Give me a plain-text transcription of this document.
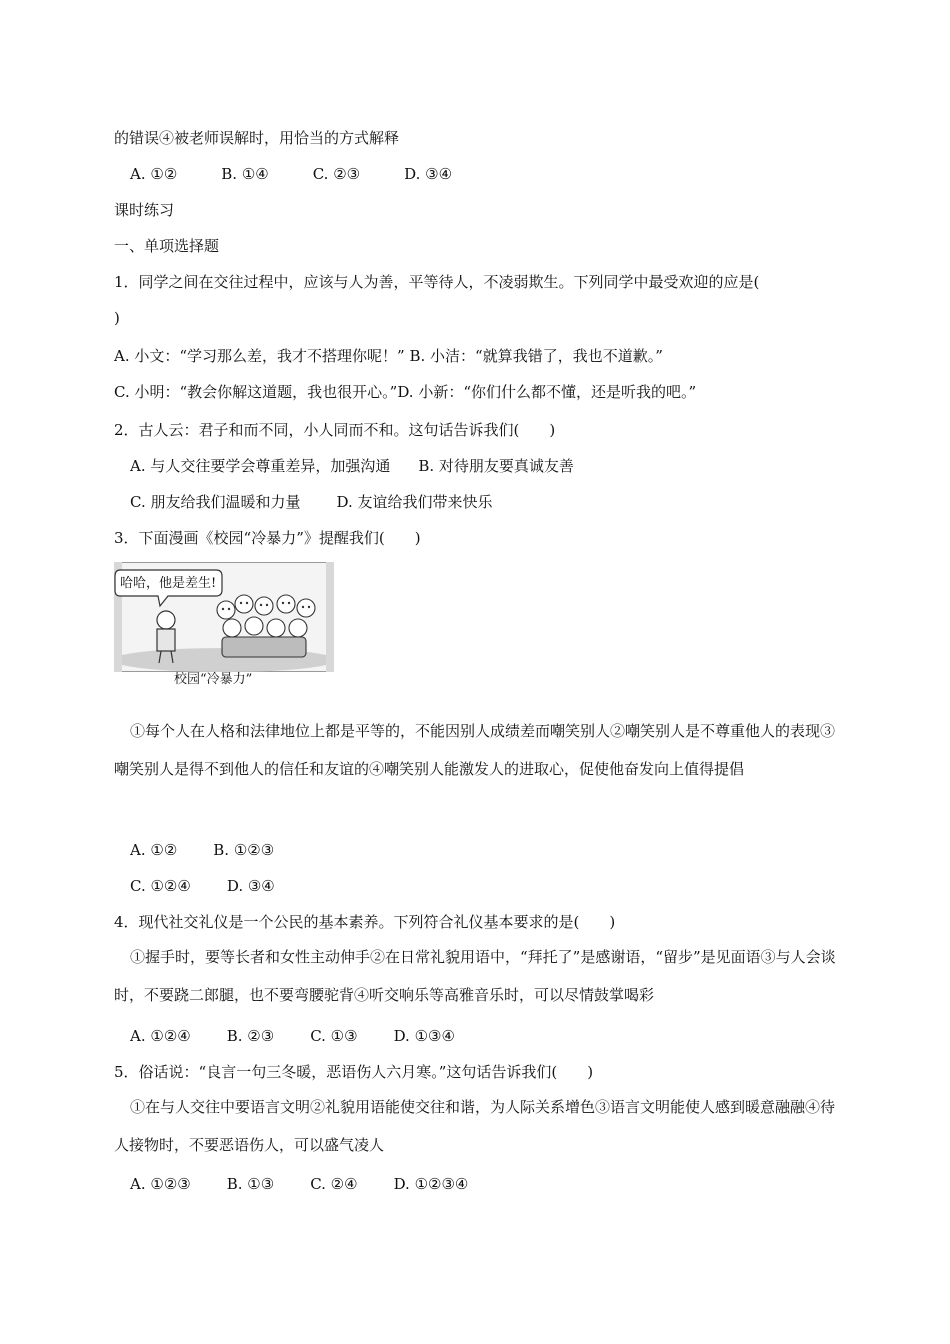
的错误④被老师误解时，用恰当的方式解释
A. ①②	B. ①④	C. ②③	D. ③④
课时练习
一、单项选择题
1．同学之间在交往过程中，应该与人为善，平等待人，不凌弱欺生。下列同学中最受欢迎的应是(
)
A. 小文：“学习那么差，我才不搭理你呢！” B. 小洁：“就算我错了，我也不道歉。”
C. 小明：“教会你解这道题，我也很开心。”D. 小新：“你们什么都不懂，还是听我的吧。”
2．古人云：君子和而不同，小人同而不和。这句话告诉我们(　　)
A. 与人交往要学会尊重差异，加强沟通 B. 对待朋友要真诚友善
C. 朋友给我们温暖和力量 D. 友谊给我们带来快乐
3．下面漫画《校园“冷暴力”》提醒我们(　　)
哈哈，他是差生!
校园“冷暴力”
①每个人在人格和法律地位上都是平等的，不能因别人成绩差而嘲笑别人②嘲笑别人是不尊重他人的表现③嘲笑别人是得不到他人的信任和友谊的④嘲笑别人能激发人的进取心，促使他奋发向上值得提倡
A. ①② B. ①②③
C. ①②④ D. ③④
4．现代社交礼仪是一个公民的基本素养。下列符合礼仪基本要求的是(　　)
①握手时，要等长者和女性主动伸手②在日常礼貌用语中，“拜托了”是感谢语，“留步”是见面语③与人会谈时，不要跷二郎腿，也不要弯腰驼背④听交响乐等高雅音乐时，可以尽情鼓掌喝彩
A. ①②④ B. ②③ C. ①③ D. ①③④
5．俗话说：“良言一句三冬暖，恶语伤人六月寒。”这句话告诉我们(　　)
①在与人交往中要语言文明②礼貌用语能使交往和谐，为人际关系增色③语言文明能使人感到暖意融融④待人接物时，不要恶语伤人，可以盛气凌人
A. ①②③ B. ①③ C. ②④ D. ①②③④
